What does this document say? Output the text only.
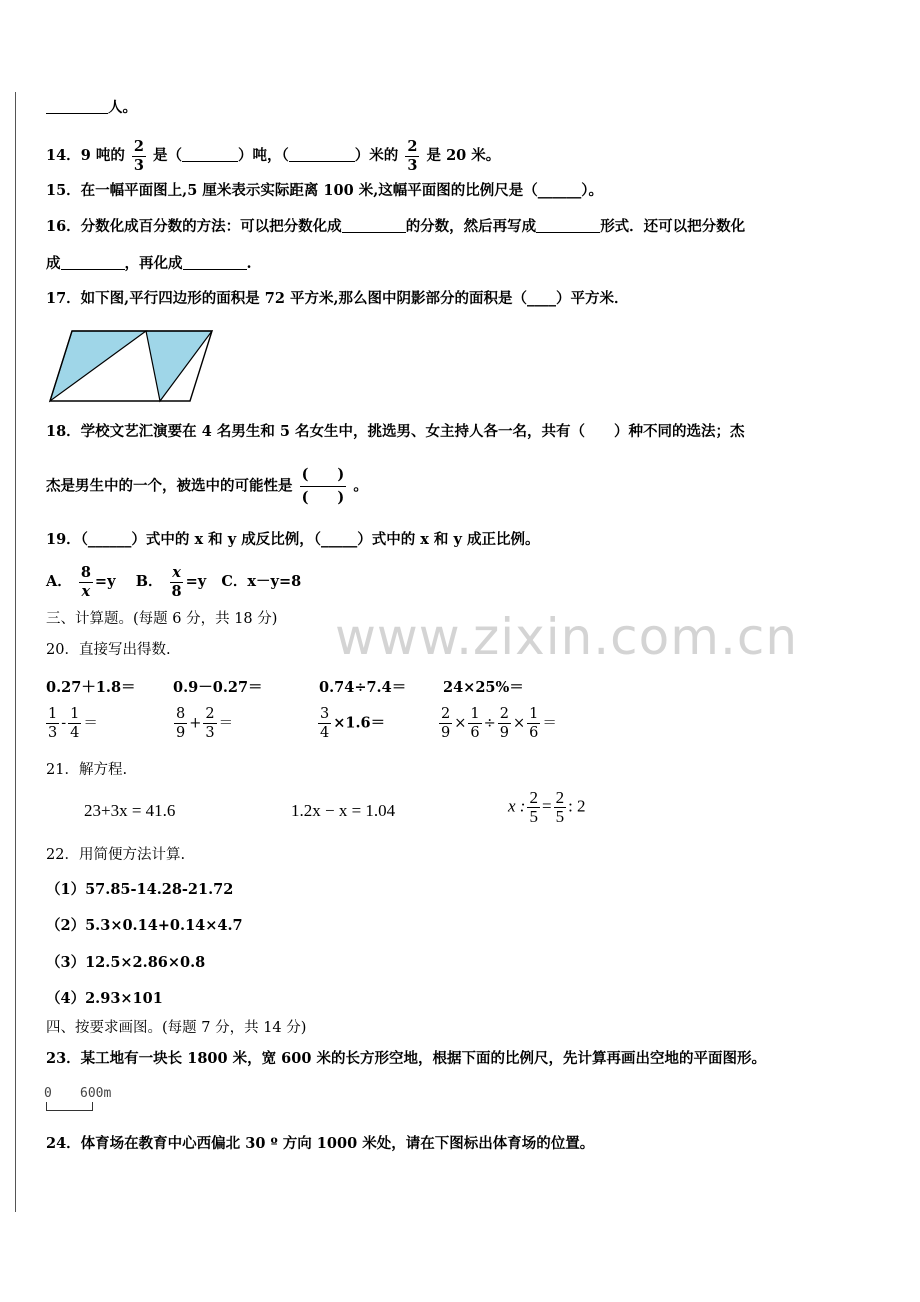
人。
14．9 吨的 $\frac{2}{3}$ 是（	）吨，（	）米的 $\frac{2}{3}$ 是 20 米。
15．在一幅平面图上,5 厘米表示实际距离 100 米,这幅平面图的比例尺是（______）。
16．分数化成百分数的方法：可以把分数化成	的分数，然后再写成	形式．还可以把分数化
成	，再化成	.
17．如下图,平行四边形的面积是 72 平方米,那么图中阴影部分的面积是（____）平方米．
18．学校文艺汇演要在 4 名男生和 5 名女生中，挑选男、女主持人各一名，共有（　　）种不同的选法；杰
杰是男生中的一个，被选中的可能性是 $\frac{( )}{( )}$ 。
19．（______）式中的 x 和 y 成反比例，（_____）式中的 x 和 y 成正比例。
A． $\frac{8}{x} =y$ B． $\frac{x}{8} =y$ C．x－y=8
三、计算题。(每题 6 分，共 18 分) www.zixin.com.cn
20．直接写出得数.
0.27＋1.8＝	0.9－0.27＝	0.74÷7.4＝	24×25%＝
$\frac{1}{3} - \frac{1}{4}$ ＝	$\frac{8}{9} + \frac{2}{3}$ ＝	$\frac{3}{4} \times 1.6=$	$\frac{2}{9} \times \frac{1}{6} \div \frac{2}{9} \times \frac{1}{6}$ ＝
21．解方程.
23+3x = 41.6	1.2x − x = 1.04	x : $\frac{2}{5} = \frac{2}{5}$ : 2
22．用简便方法计算.
（1）57.85-14.28-21.72
（2）5.3×0.14+0.14×4.7
（3）12.5×2.86×0.8
（4）2.93×101
四、按要求画图。(每题 7 分，共 14 分)
23．某工地有一块长 1800 米，宽 600 米的长方形空地，根据下面的比例尺，先计算再画出空地的平面图形。
0 600m
24．体育场在教育中心西偏北 30 º 方向 1000 米处，请在下图标出体育场的位置。
